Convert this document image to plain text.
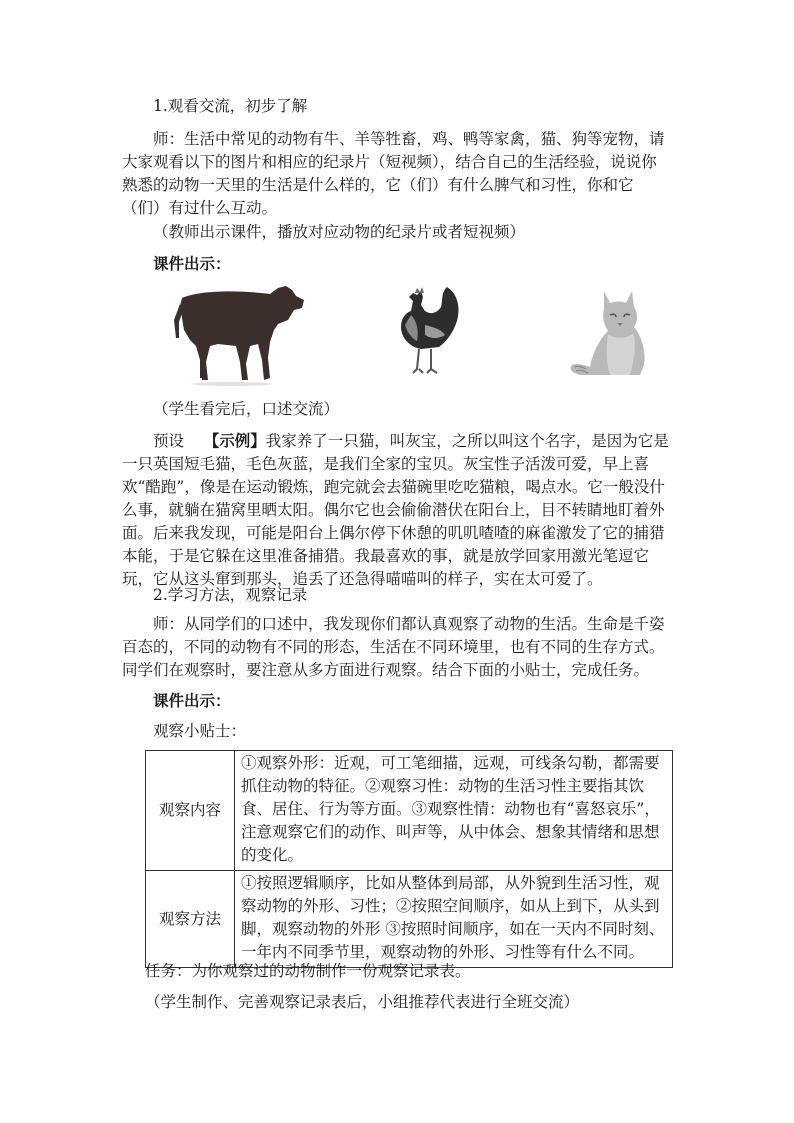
1.观看交流，初步了解

师：生活中常见的动物有牛、羊等牲畜，鸡、鸭等家禽，猫、狗等宠物，请大家观看以下的图片和相应的纪录片（短视频），结合自己的生活经验，说说你熟悉的动物一天里的生活是什么样的，它（们）有什么脾气和习性，你和它（们）有过什么互动。

（教师出示课件，播放对应动物的纪录片或者短视频）

课件出示：

（学生看完后，口述交流）

预设 【示例】我家养了一只猫，叫灰宝，之所以叫这个名字，是因为它是一只英国短毛猫，毛色灰蓝，是我们全家的宝贝。灰宝性子活泼可爱，早上喜欢“酷跑”，像是在运动锻炼，跑完就会去猫碗里吃吃猫粮，喝点水。它一般没什么事，就躺在猫窝里晒太阳。偶尔它也会偷偷潜伏在阳台上，目不转睛地盯着外面。后来我发现，可能是阳台上偶尔停下休憩的叽叽喳喳的麻雀激发了它的捕猎本能，于是它躲在这里准备捕猎。我最喜欢的事，就是放学回家用激光笔逗它玩，它从这头窜到那头，追丢了还急得喵喵叫的样子，实在太可爱了。

2.学习方法，观察记录

师：从同学们的口述中，我发现你们都认真观察了动物的生活。生命是千姿百态的，不同的动物有不同的形态，生活在不同环境里，也有不同的生存方式。同学们在观察时，要注意从多方面进行观察。结合下面的小贴士，完成任务。

课件出示：

观察小贴士：

观察内容	①观察外形：近观，可工笔细描，远观，可线条勾勒，都需要抓住动物的特征。②观察习性：动物的生活习性主要指其饮食、居住、行为等方面。③观察性情：动物也有“喜怒哀乐”，注意观察它们的动作、叫声等，从中体会、想象其情绪和思想的变化。
观察方法	①按照逻辑顺序，比如从整体到局部，从外貌到生活习性，观察动物的外形、习性；②按照空间顺序，如从上到下，从头到脚，观察动物的外形 ③按照时间顺序，如在一天内不同时刻、一年内不同季节里，观察动物的外形、习性等有什么不同。

任务：为你观察过的动物制作一份观察记录表。

（学生制作、完善观察记录表后，小组推荐代表进行全班交流）
